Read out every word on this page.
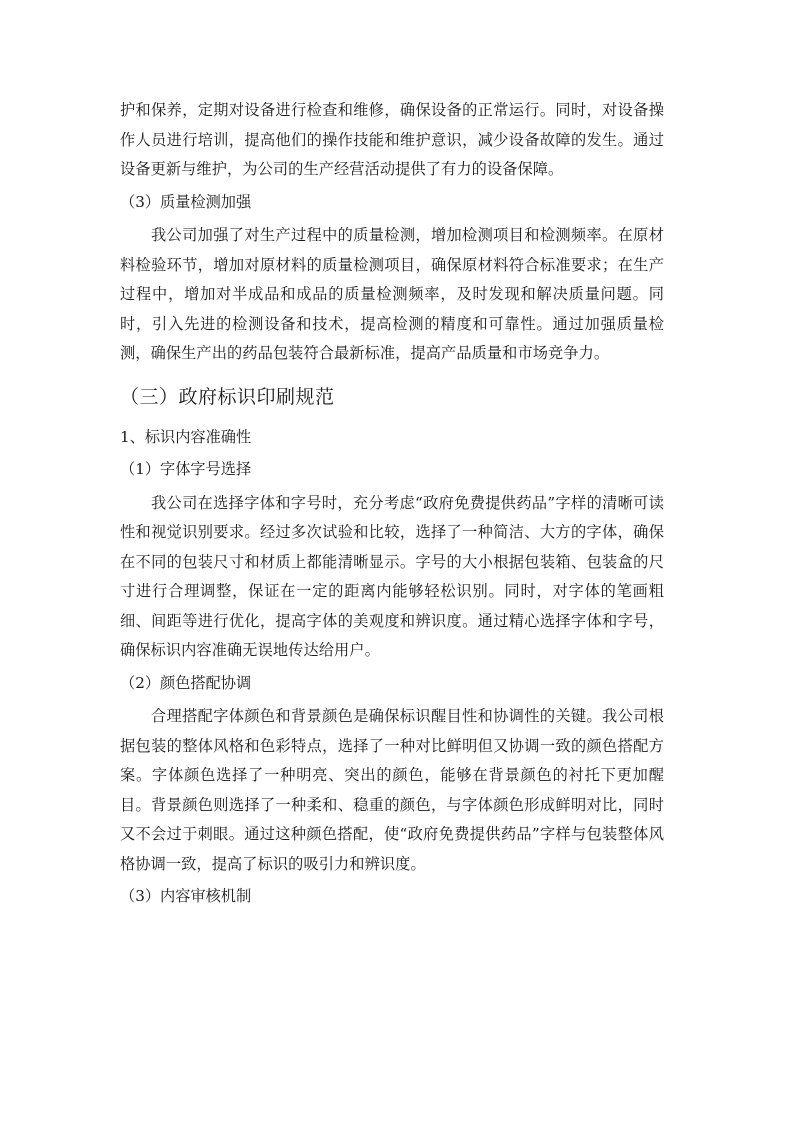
护和保养，定期对设备进行检查和维修，确保设备的正常运行。同时，对设备操作人员进行培训，提高他们的操作技能和维护意识，减少设备故障的发生。通过设备更新与维护，为公司的生产经营活动提供了有力的设备保障。

（3）质量检测加强

我公司加强了对生产过程中的质量检测，增加检测项目和检测频率。在原材料检验环节，增加对原材料的质量检测项目，确保原材料符合标准要求；在生产过程中，增加对半成品和成品的质量检测频率，及时发现和解决质量问题。同时，引入先进的检测设备和技术，提高检测的精度和可靠性。通过加强质量检测，确保生产出的药品包装符合最新标准，提高产品质量和市场竞争力。

（三）政府标识印刷规范

1、标识内容准确性

（1）字体字号选择

我公司在选择字体和字号时，充分考虑“政府免费提供药品”字样的清晰可读性和视觉识别要求。经过多次试验和比较，选择了一种简洁、大方的字体，确保在不同的包装尺寸和材质上都能清晰显示。字号的大小根据包装箱、包装盒的尺寸进行合理调整，保证在一定的距离内能够轻松识别。同时，对字体的笔画粗细、间距等进行优化，提高字体的美观度和辨识度。通过精心选择字体和字号，确保标识内容准确无误地传达给用户。

（2）颜色搭配协调

合理搭配字体颜色和背景颜色是确保标识醒目性和协调性的关键。我公司根据包装的整体风格和色彩特点，选择了一种对比鲜明但又协调一致的颜色搭配方案。字体颜色选择了一种明亮、突出的颜色，能够在背景颜色的衬托下更加醒目。背景颜色则选择了一种柔和、稳重的颜色，与字体颜色形成鲜明对比，同时又不会过于刺眼。通过这种颜色搭配，使“政府免费提供药品”字样与包装整体风格协调一致，提高了标识的吸引力和辨识度。

（3）内容审核机制
